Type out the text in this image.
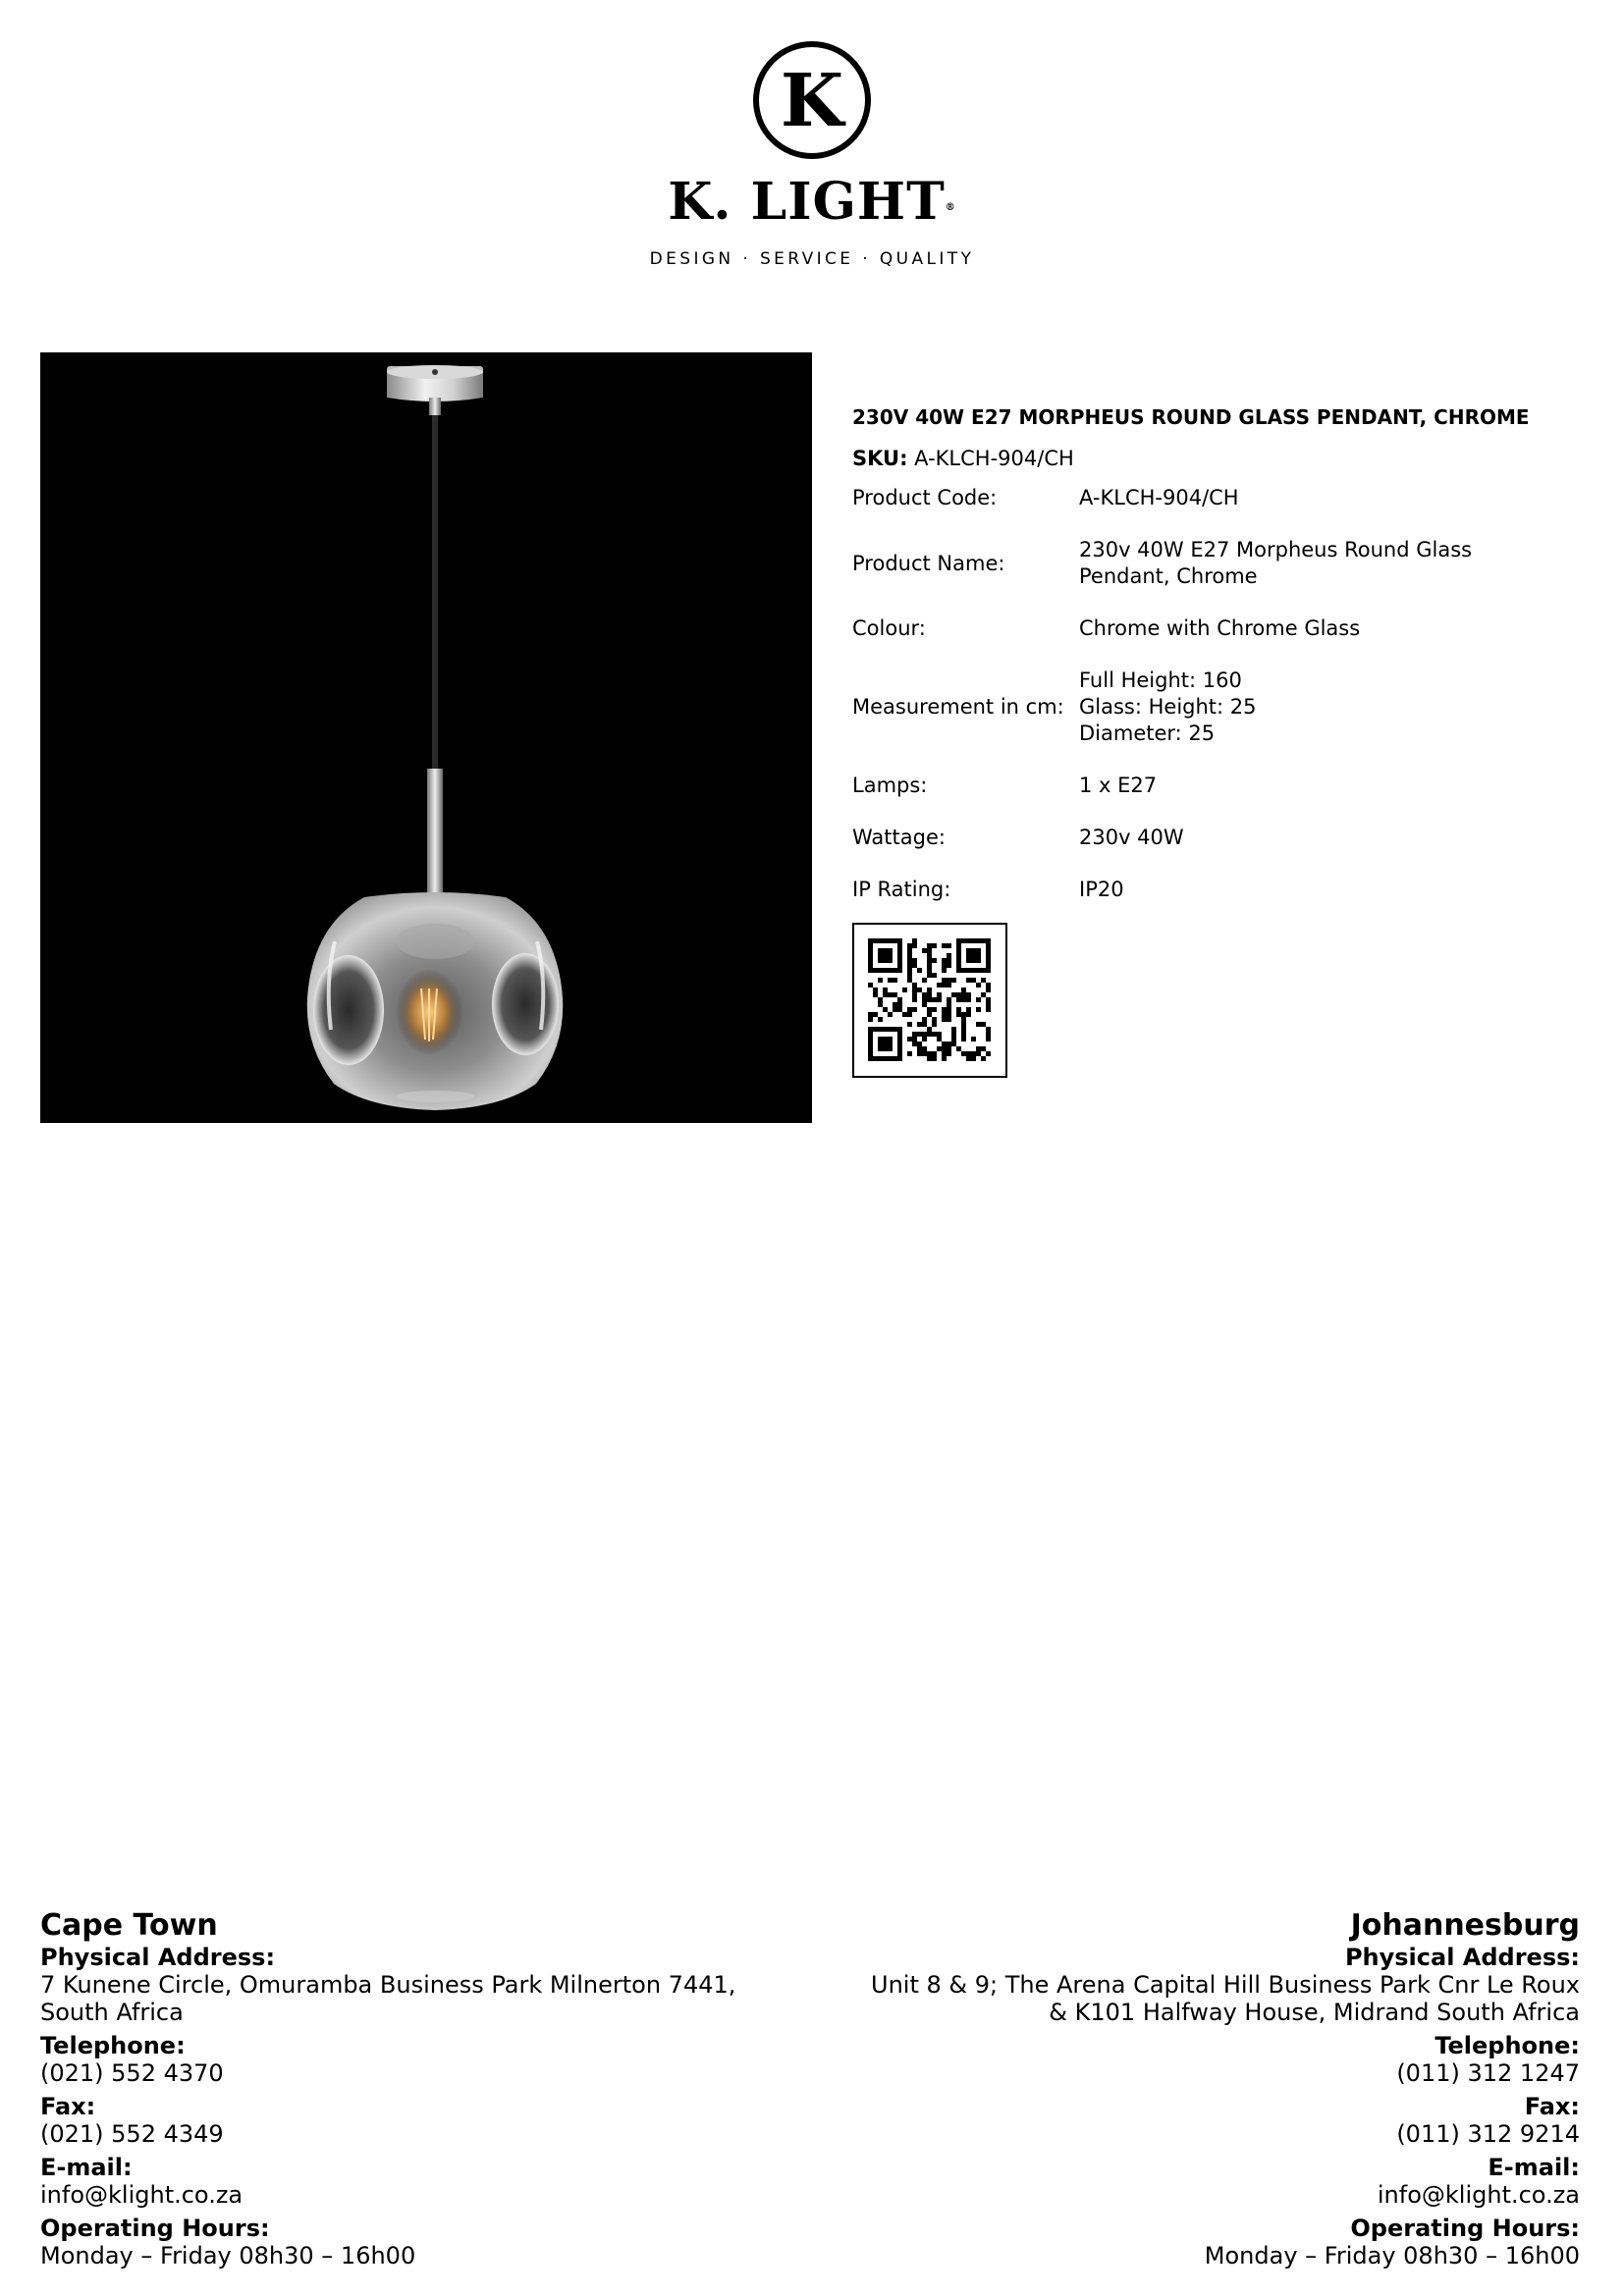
K
K. LIGHT®
DESIGN · SERVICE · QUALITY
230V 40W E27 MORPHEUS ROUND GLASS PENDANT, CHROME
SKU: A-KLCH-904/CH
Product Code:	A-KLCH-904/CH
Product Name:	230v 40W E27 Morpheus Round Glass Pendant, Chrome
Colour:	Chrome with Chrome Glass
Measurement in cm:	Full Height: 160
Glass: Height: 25
Diameter: 25

Lamps:	1 x E27
Wattage:	230v 40W
IP Rating:	IP20
Cape Town
Physical Address:
7 Kunene Circle, Omuramba Business Park Milnerton 7441, South Africa
Telephone:
(021) 552 4370
Fax:
(021) 552 4349
E-mail:
info@klight.co.za
Operating Hours:
Monday – Friday 08h30 – 16h00
Johannesburg
Physical Address:
Unit 8 & 9; The Arena Capital Hill Business Park Cnr Le Roux
& K101 Halfway House, Midrand South Africa
Telephone:
(011) 312 1247
Fax:
(011) 312 9214
E-mail:
info@klight.co.za
Operating Hours:
Monday – Friday 08h30 – 16h00
